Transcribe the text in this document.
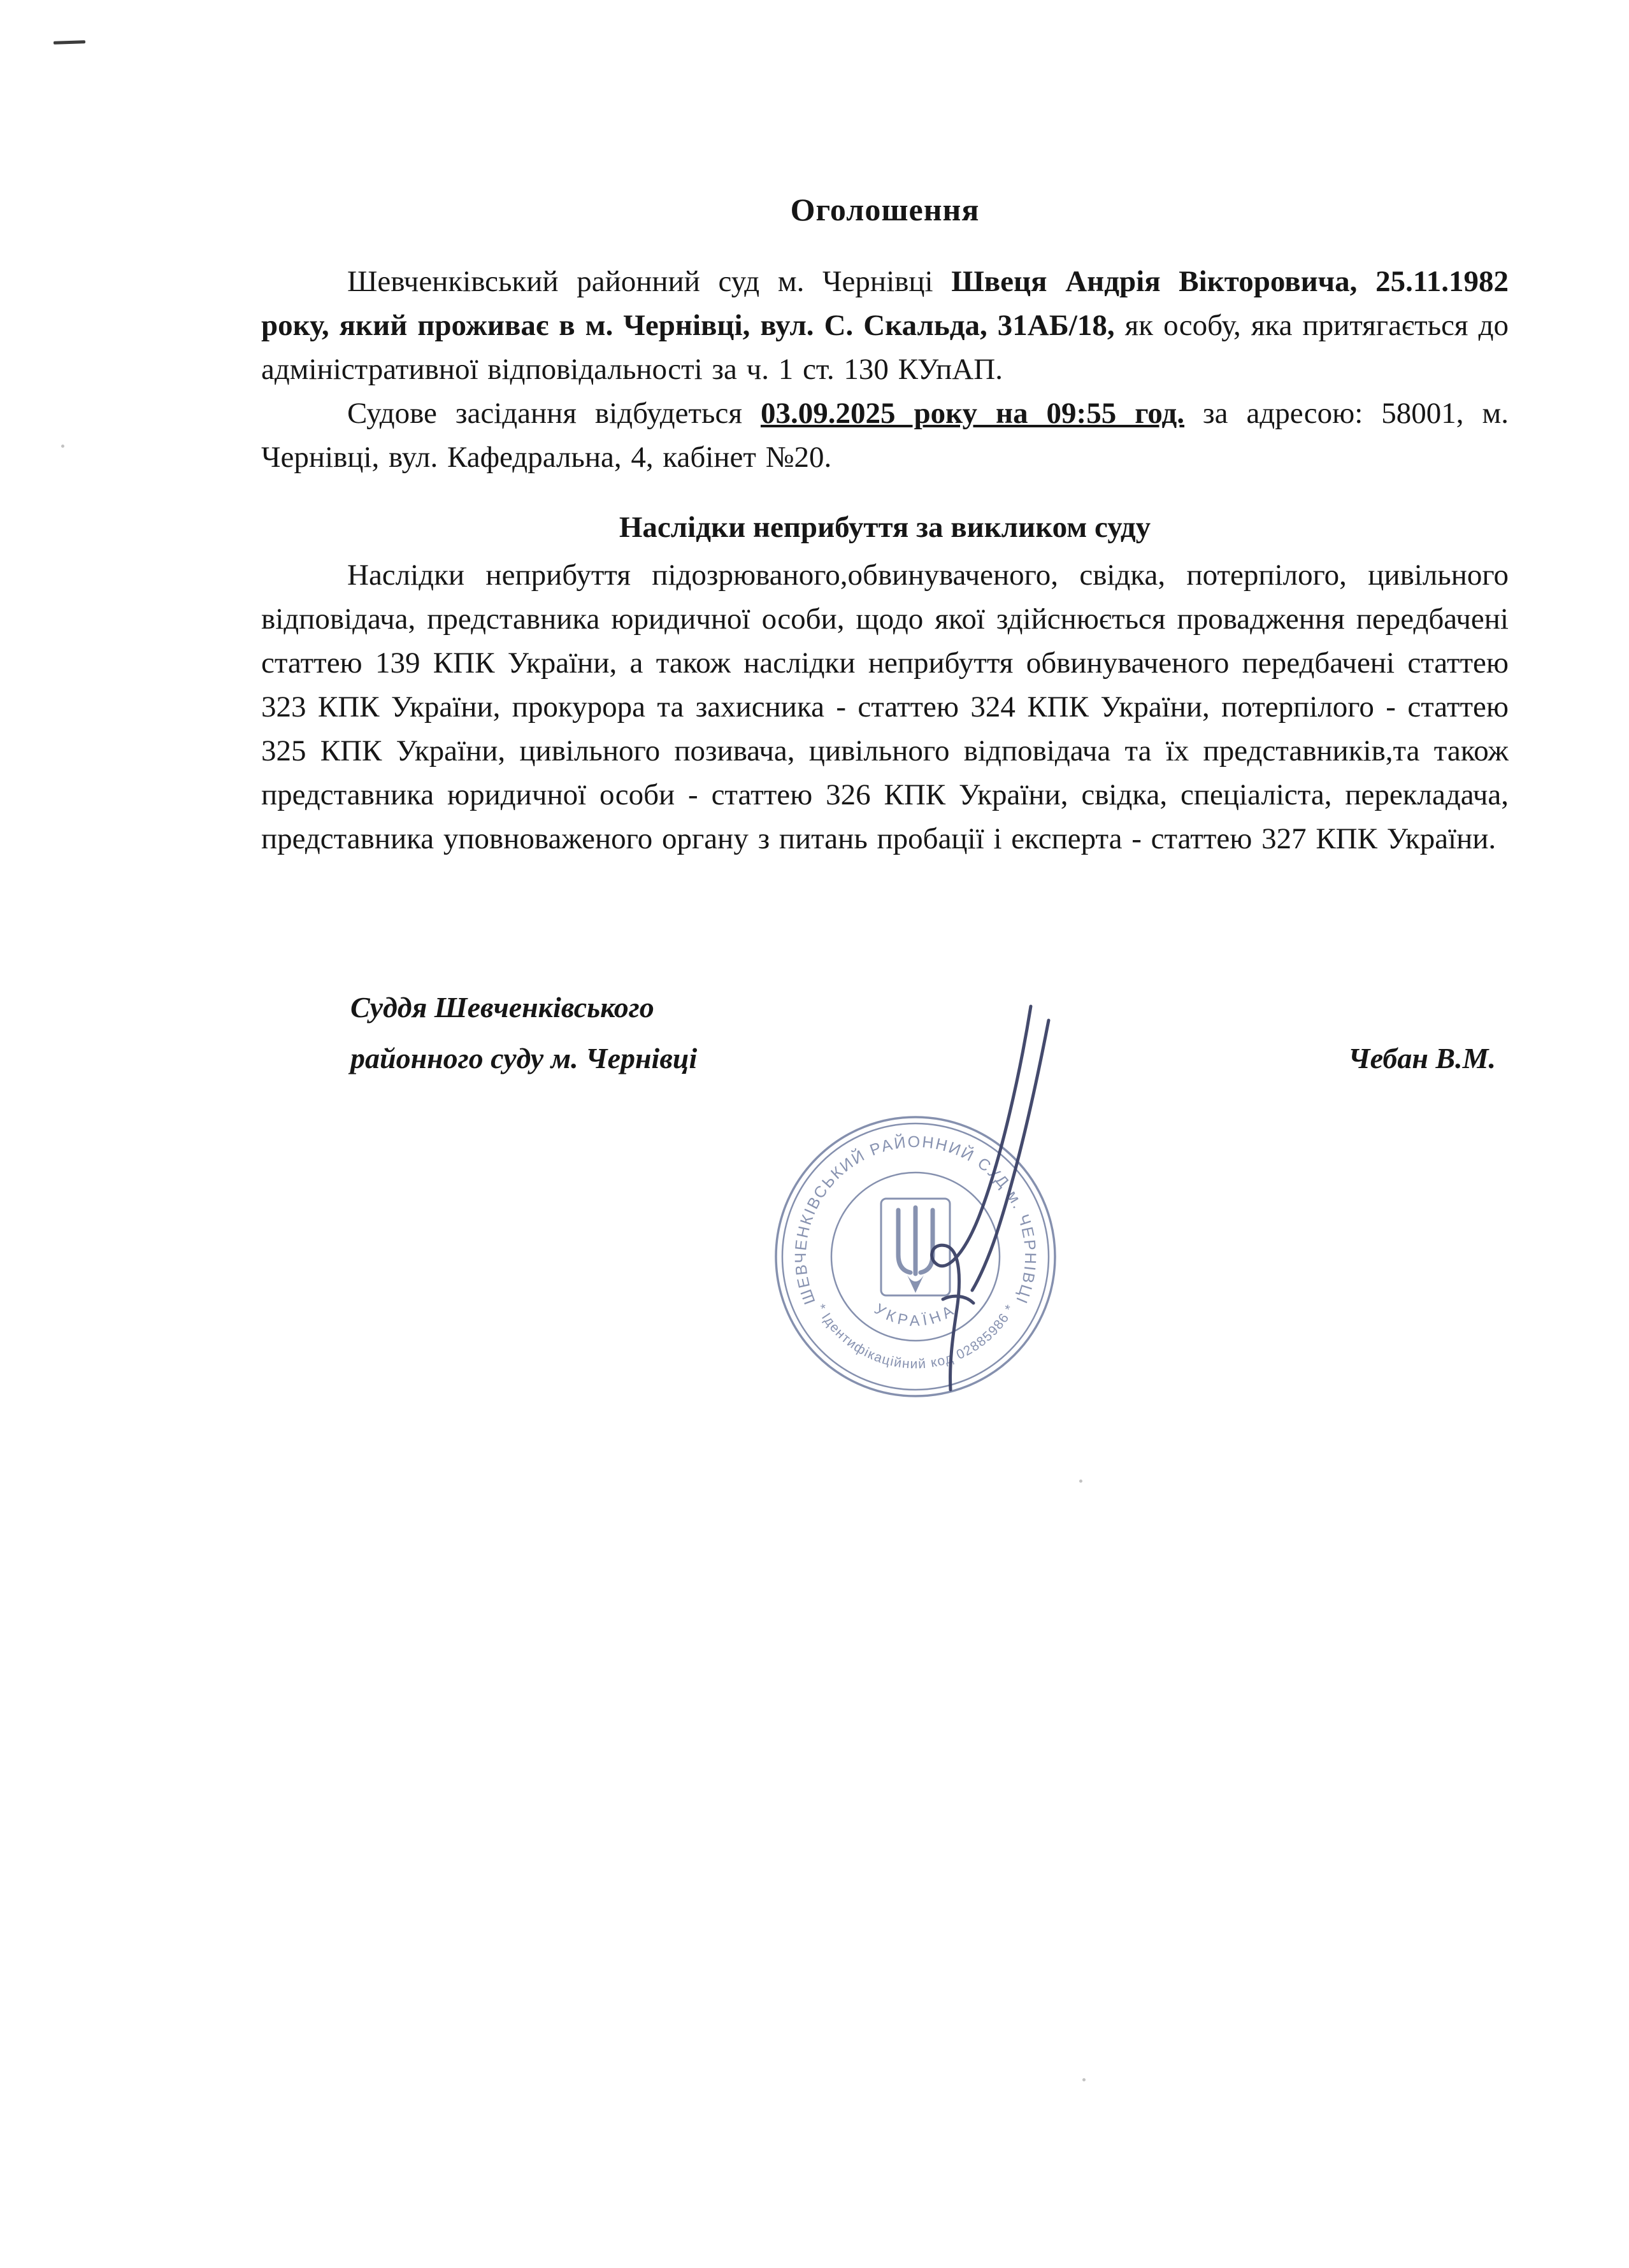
Оголошення

Шевченківський районний суд м. Чернівці Швеця Андрія Вікторовича, 25.11.1982 року, який проживає в м. Чернівці, вул. С. Скальда, 31АБ/18, як особу, яка притягається до адміністративної відповідальності за ч. 1 ст. 130 КУпАП.

Судове засідання відбудеться 03.09.2025 року на 09:55 год. за адресою: 58001, м. Чернівці, вул. Кафедральна, 4, кабінет №20.

Наслідки неприбуття за викликом суду

Наслідки неприбуття підозрюваного,обвинуваченого, свідка, потерпілого, цивільного відповідача, представника юридичної особи, щодо якої здійснюється провадження передбачені статтею 139 КПК України, а також наслідки неприбуття обвинуваченого передбачені статтею 323 КПК України, прокурора та захисника - статтею 324 КПК України, потерпілого - статтею 325 КПК України, цивільного позивача, цивільного відповідача та їх представників,та також представника юридичної особи - статтею 326 КПК України, свідка, спеціаліста, перекладача, представника уповноваженого органу з питань пробації і експерта - статтею 327 КПК України.

Суддя Шевченківського
районного суду м. Чернівці	Чебан В.М.
ШЕВЧЕНКІВСЬКИЙ РАЙОННИЙ СУД м. ЧЕРНІВЦІ
* Ідентифікаційний код 02885986 *
УКРАЇНА
